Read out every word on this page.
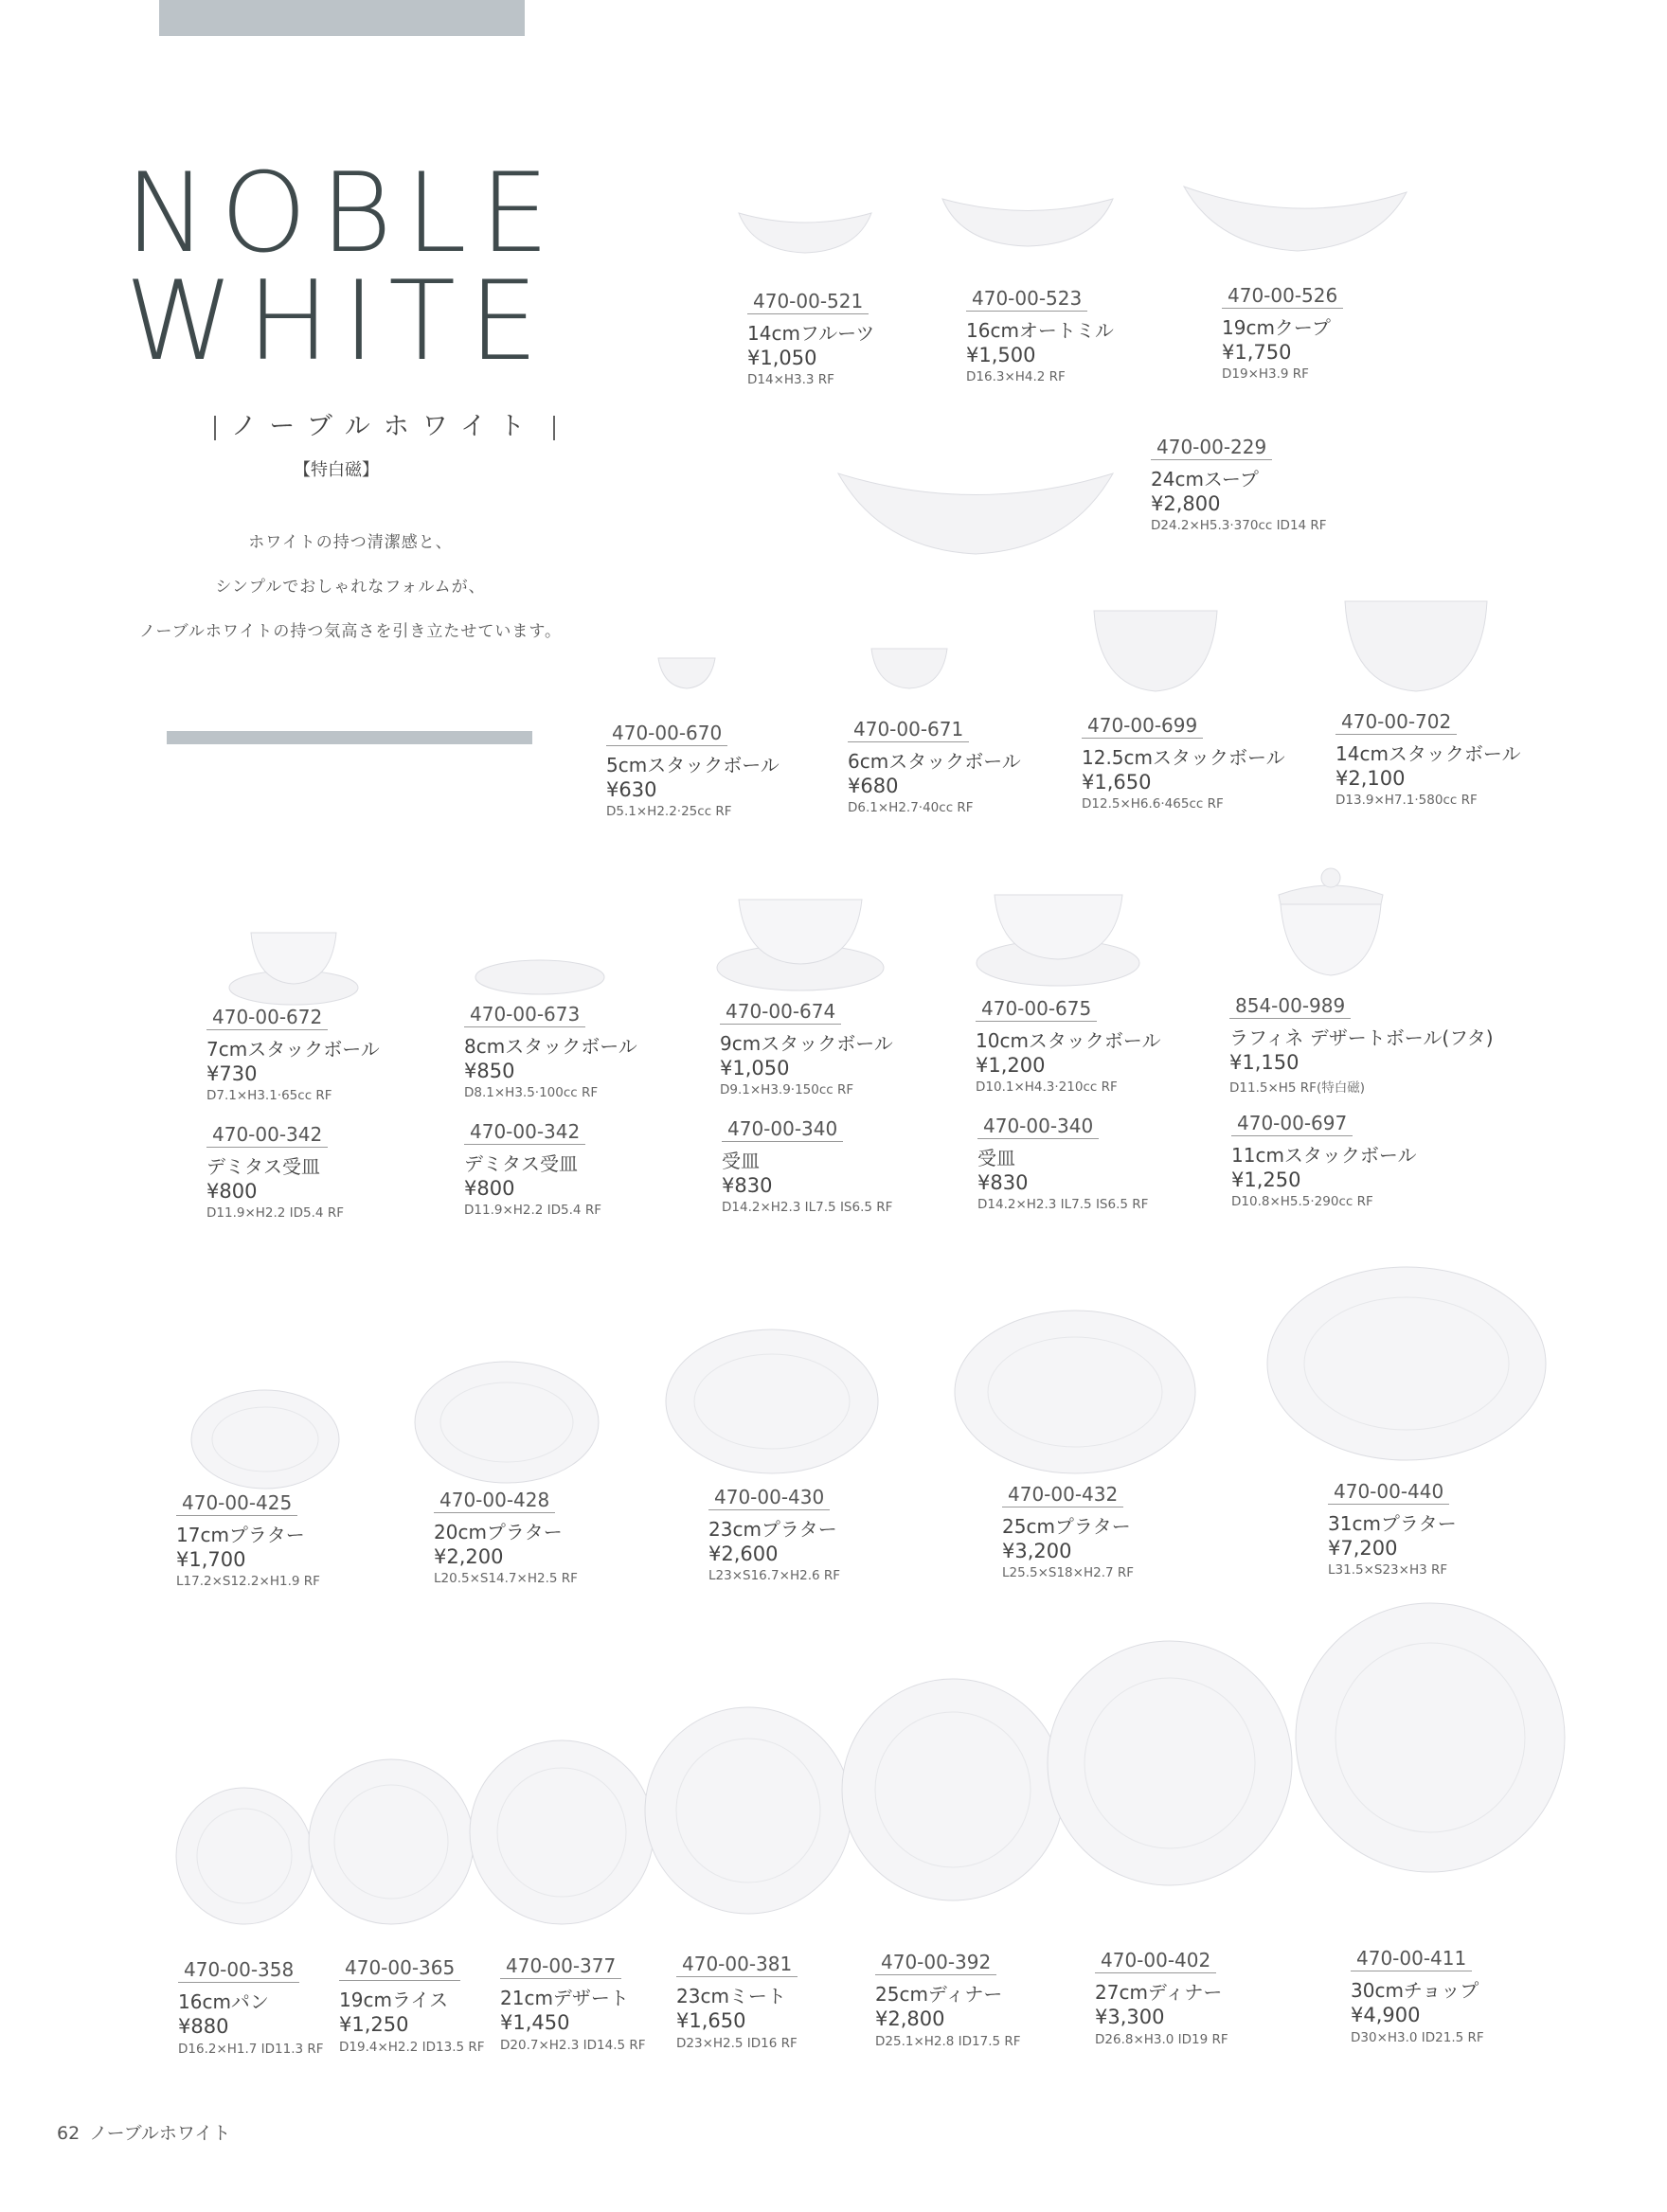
NOBLE
WHITE
ノーブルホワイト
【特白磁】
ホワイトの持つ清潔感と、
シンプルでおしゃれなフォルムが、
ノーブルホワイトの持つ気高さを引き立たせています。
470-00-521
14cmフルーツ
¥1,050
D14×H3.3 RF
470-00-523
16cmオートミル
¥1,500
D16.3×H4.2 RF
470-00-526
19cmクープ
¥1,750
D19×H3.9 RF
470-00-229
24cmスープ
¥2,800
D24.2×H5.3·370cc ID14 RF
470-00-670
5cmスタックボール
¥630
D5.1×H2.2·25cc RF
470-00-671
6cmスタックボール
¥680
D6.1×H2.7·40cc RF
470-00-699
12.5cmスタックボール
¥1,650
D12.5×H6.6·465cc RF
470-00-702
14cmスタックボール
¥2,100
D13.9×H7.1·580cc RF
470-00-672
7cmスタックボール
¥730
D7.1×H3.1·65cc RF
470-00-673
8cmスタックボール
¥850
D8.1×H3.5·100cc RF
470-00-674
9cmスタックボール
¥1,050
D9.1×H3.9·150cc RF
470-00-675
10cmスタックボール
¥1,200
D10.1×H4.3·210cc RF
854-00-989
ラフィネ デザートボール(フタ)
¥1,150
D11.5×H5 RF(特白磁)
470-00-342
デミタス受皿
¥800
D11.9×H2.2 ID5.4 RF
470-00-342
デミタス受皿
¥800
D11.9×H2.2 ID5.4 RF
470-00-340
受皿
¥830
D14.2×H2.3 IL7.5 IS6.5 RF
470-00-340
受皿
¥830
D14.2×H2.3 IL7.5 IS6.5 RF
470-00-697
11cmスタックボール
¥1,250
D10.8×H5.5·290cc RF
470-00-425
17cmプラター
¥1,700
L17.2×S12.2×H1.9 RF
470-00-428
20cmプラター
¥2,200
L20.5×S14.7×H2.5 RF
470-00-430
23cmプラター
¥2,600
L23×S16.7×H2.6 RF
470-00-432
25cmプラター
¥3,200
L25.5×S18×H2.7 RF
470-00-440
31cmプラター
¥7,200
L31.5×S23×H3 RF
470-00-358
16cmパン
¥880
D16.2×H1.7 ID11.3 RF
470-00-365
19cmライス
¥1,250
D19.4×H2.2 ID13.5 RF
470-00-377
21cmデザート
¥1,450
D20.7×H2.3 ID14.5 RF
470-00-381
23cmミート
¥1,650
D23×H2.5 ID16 RF
470-00-392
25cmディナー
¥2,800
D25.1×H2.8 ID17.5 RF
470-00-402
27cmディナー
¥3,300
D26.8×H3.0 ID19 RF
470-00-411
30cmチョップ
¥4,900
D30×H3.0 ID21.5 RF
62 ノーブルホワイト
